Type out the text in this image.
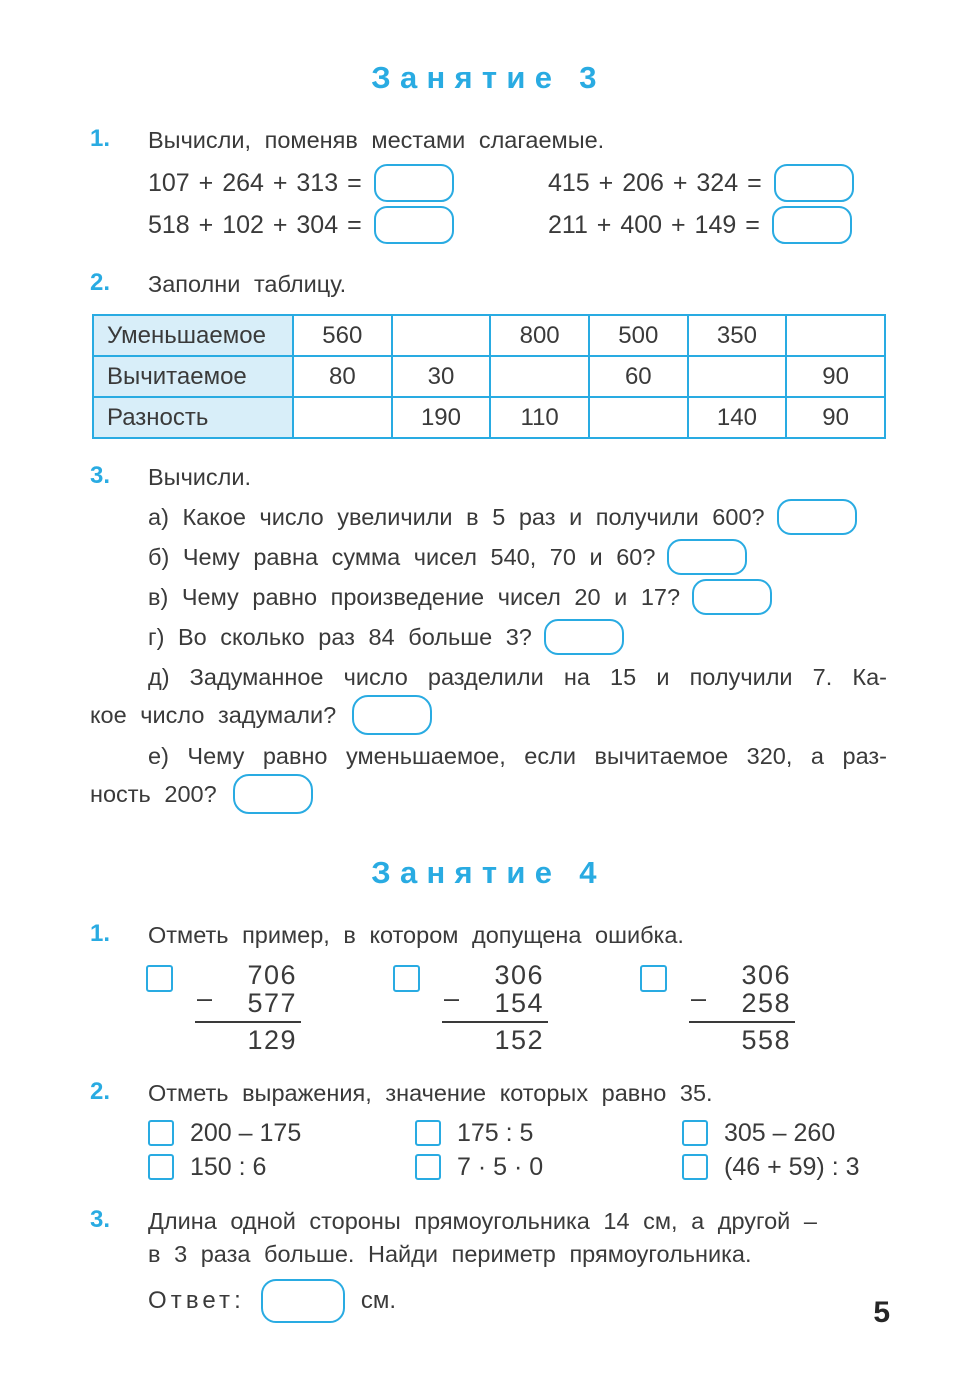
Занятие 3
1.	Вычисли, поменяв местами слагаемые.
107 + 264 + 313 =	415 + 206 + 324 =
518 + 102 + 304 =	211 + 400 + 149 =
2.	Заполни таблицу.
Уменьшаемое	560		800	500	350	
Вычитаемое	80	30		60		90
Разность		190	110		140	90
3.	Вычисли.
а) Какое число увеличили в 5 раз и получили 600?
б) Чему равна сумма чисел 540, 70 и 60?
в) Чему равно произведение чисел 20 и 17?
г) Во сколько раз 84 больше 3?
д) Задуманное число разделили на 15 и получили 7. Ка-
кое число задумали?
е) Чему равно уменьшаемое, если вычитаемое 320, а раз-
ность 200?
Занятие 4
1.	Отметь пример, в котором допущена ошибка.
–
706
577
129
–
306
154
152
–
306
258
558
2.	Отметь выражения, значение которых равно 35.
200 – 175	175 : 5	305 – 260
150 : 6	7 · 5 · 0	(46 + 59) : 3
3.	Длина одной стороны прямоугольника 14 см, а другой –
в 3 раза больше. Найди периметр прямоугольника.
Ответ:	см.	5
